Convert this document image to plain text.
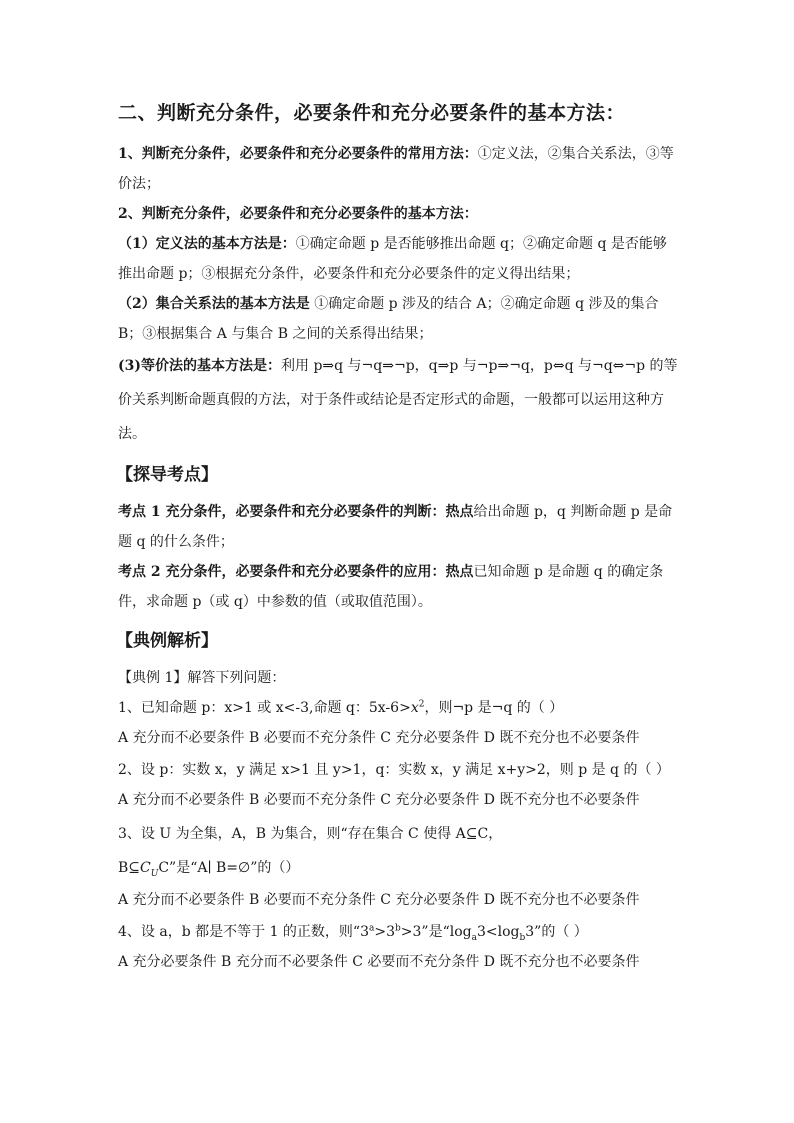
二、判断充分条件，必要条件和充分必要条件的基本方法：

1、判断充分条件，必要条件和充分必要条件的常用方法：①定义法，②集合关系法，③等价法；

2、判断充分条件，必要条件和充分必要条件的基本方法：

（1）定义法的基本方法是：①确定命题 p 是否能够推出命题 q；②确定命题 q 是否能够推出命题 p；③根据充分条件，必要条件和充分必要条件的定义得出结果；

（2）集合关系法的基本方法是 ①确定命题 p 涉及的结合 A；②确定命题 q 涉及的集合 B；③根据集合 A 与集合 B 之间的关系得出结果；

(3)等价法的基本方法是：利用 p⇒q 与¬q⇒¬p，q⇒p 与¬p⇒¬q，p⇔q 与¬q⇔¬p 的等价关系判断命题真假的方法，对于条件或结论是否定形式的命题，一般都可以运用这种方法。

【探导考点】

考点 1 充分条件，必要条件和充分必要条件的判断：热点给出命题 p，q 判断命题 p 是命题 q 的什么条件；

考点 2 充分条件，必要条件和充分必要条件的应用：热点已知命题 p 是命题 q 的确定条件，求命题 p（或 q）中参数的值（或取值范围）。

【典例解析】

【典例 1】解答下列问题：

1、已知命题 p：x>1 或 x<-3,命题 q：$5x-6>x^2$，则¬p 是¬q 的（ ）

A 充分而不必要条件 B 必要而不充分条件 C 充分必要条件 D 既不充分也不必要条件

2、设 p：实数 x，y 满足 x>1 且 y>1，q：实数 x，y 满足 x+y>2，则 p 是 q 的（ ）

A 充分而不必要条件 B 必要而不充分条件 C 充分必要条件 D 既不充分也不必要条件

3、设 U 为全集，A，B 为集合，则“存在集合 C 使得 A⊆C，$B⊆C_UC$”是“A∣ B=∅”的（）

A 充分而不必要条件 B 必要而不充分条件 C 充分必要条件 D 既不充分也不必要条件

4、设 a，b 都是不等于 1 的正数，则“$3^a>3^b>3$”是“$\log_a3<\log_b3$”的（ ）

A 充分必要条件 B 充分而不必要条件 C 必要而不充分条件 D 既不充分也不必要条件
